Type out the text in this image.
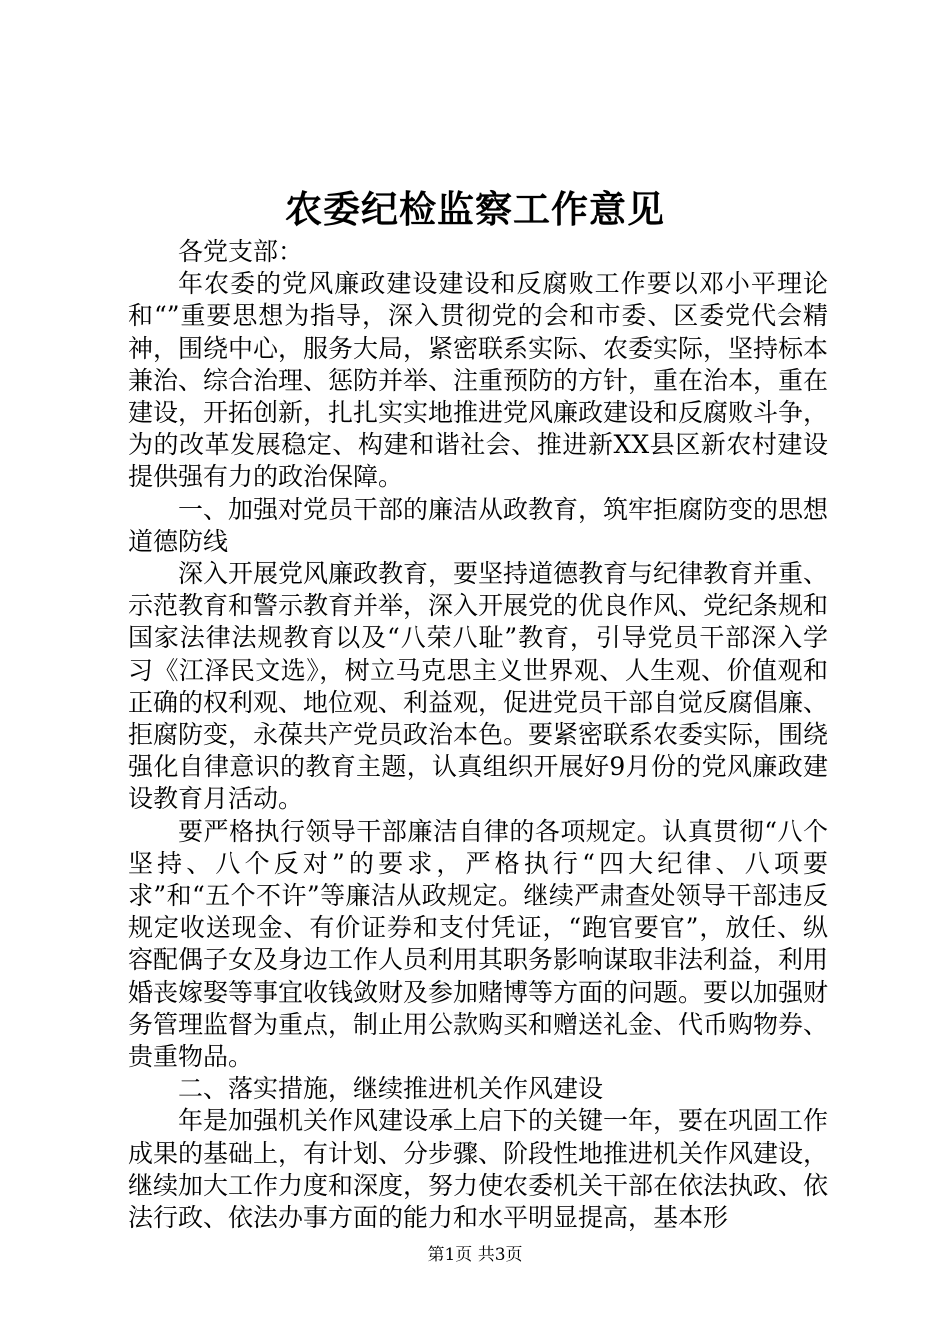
农委纪检监察工作意见

各党支部：

年农委的党风廉政建设建设和反腐败工作要以邓小平理论和“”重要思想为指导，深入贯彻党的会和市委、区委党代会精神，围绕中心，服务大局，紧密联系实际、农委实际，坚持标本兼治、综合治理、惩防并举、注重预防的方针，重在治本，重在建设，开拓创新，扎扎实实地推进党风廉政建设和反腐败斗争，为的改革发展稳定、构建和谐社会、推进新XX县区新农村建设提供强有力的政治保障。

一、加强对党员干部的廉洁从政教育，筑牢拒腐防变的思想道德防线

深入开展党风廉政教育，要坚持道德教育与纪律教育并重、示范教育和警示教育并举，深入开展党的优良作风、党纪条规和国家法律法规教育以及“八荣八耻”教育，引导党员干部深入学习《江泽民文选》，树立马克思主义世界观、人生观、价值观和正确的权利观、地位观、利益观，促进党员干部自觉反腐倡廉、拒腐防变，永葆共产党员政治本色。要紧密联系农委实际，围绕强化自律意识的教育主题，认真组织开展好9月份的党风廉政建设教育月活动。

要严格执行领导干部廉洁自律的各项规定。认真贯彻“八个坚持、八个反对”的要求，严格执行“四大纪律、八项要求”和“五个不许”等廉洁从政规定。继续严肃查处领导干部违反规定收送现金、有价证券和支付凭证，“跑官要官”，放任、纵容配偶子女及身边工作人员利用其职务影响谋取非法利益，利用婚丧嫁娶等事宜收钱敛财及参加赌博等方面的问题。要以加强财务管理监督为重点，制止用公款购买和赠送礼金、代币购物券、贵重物品。

二、落实措施，继续推进机关作风建设

年是加强机关作风建设承上启下的关键一年，要在巩固工作成果的基础上，有计划、分步骤、阶段性地推进机关作风建设，继续加大工作力度和深度，努力使农委机关干部在依法执政、依法行政、依法办事方面的能力和水平明显提高，基本形

第1页 共3页
